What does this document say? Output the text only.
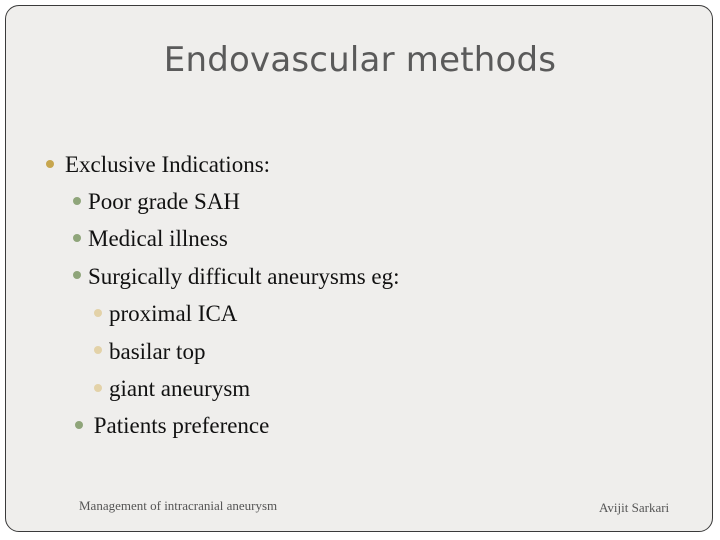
Endovascular methods
Exclusive Indications:
Poor grade SAH
Medical illness
Surgically difficult aneurysms eg:
proximal ICA
basilar top
giant aneurysm
Patients preference
Management of intracranial aneurysm	Avijit Sarkari
